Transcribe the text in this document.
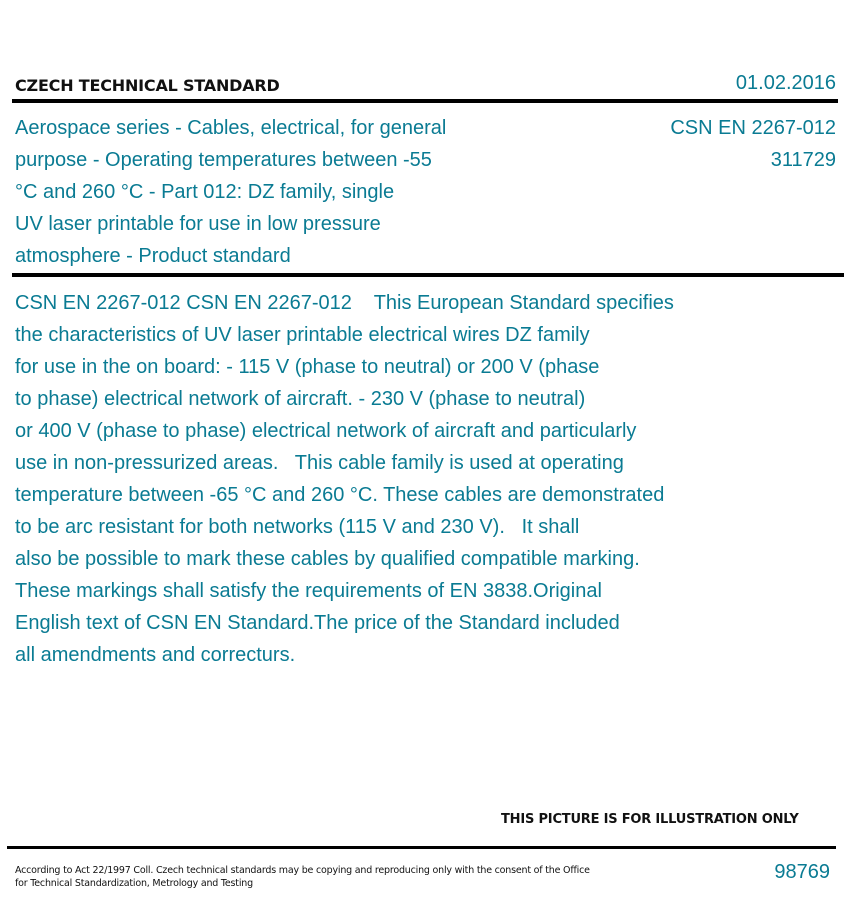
CZECH TECHNICAL STANDARD	01.02.2016
Aerospace series - Cables, electrical, for general
purpose - Operating temperatures between -55
°C and 260 °C - Part 012: DZ family, single
UV laser printable for use in low pressure
atmosphere - Product standard
CSN EN 2267-012
311729
CSN EN 2267-012 CSN EN 2267-012    This European Standard specifies
the characteristics of UV laser printable electrical wires DZ family
for use in the on board: - 115 V (phase to neutral) or 200 V (phase
to phase) electrical network of aircraft. - 230 V (phase to neutral)
or 400 V (phase to phase) electrical network of aircraft and particularly
use in non-pressurized areas.   This cable family is used at operating
temperature between -65 °C and 260 °C. These cables are demonstrated
to be arc resistant for both networks (115 V and 230 V).   It shall
also be possible to mark these cables by qualified compatible marking.
These markings shall satisfy the requirements of EN 3838.Original
English text of CSN EN Standard.The price of the Standard included
all amendments and correcturs.
THIS PICTURE IS FOR ILLUSTRATION ONLY
According to Act 22/1997 Coll. Czech technical standards may be copying and reproducing only with the consent of the Office
for Technical Standardization, Metrology and Testing
98769
